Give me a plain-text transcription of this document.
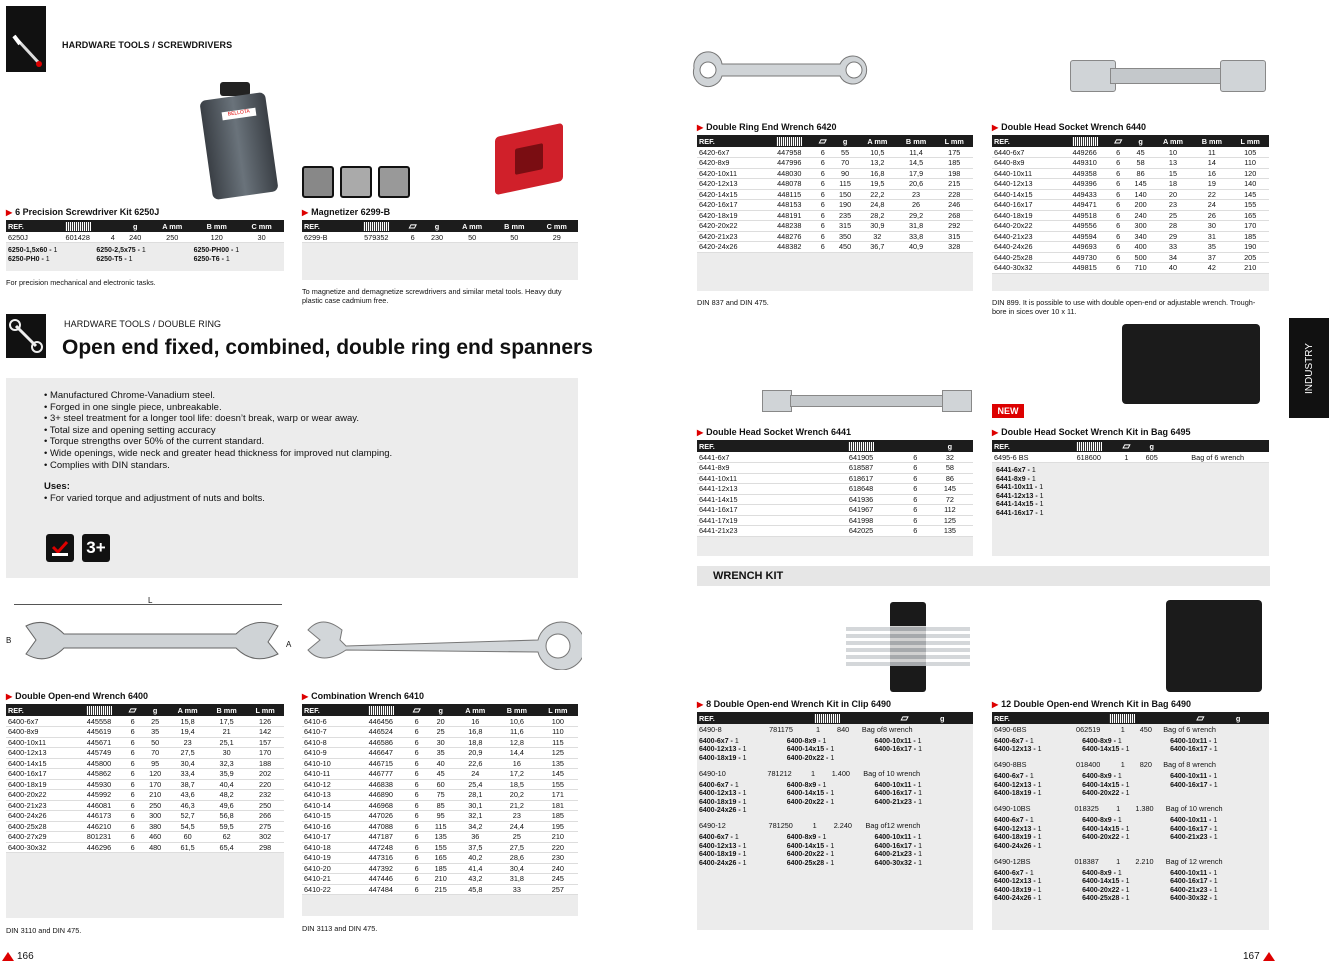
HARDWARE TOOLS / SCREWDRIVERS
BELLOTA
▶ 6 Precision Screwdriver Kit 6250J
REF.			g	A mm	B mm	C mm
6250J	601428	4	240	250	120	30
6250-1,5x60 - 1	6250-2,5x75 - 1	6250-PH00 - 1
6250-PH0 - 1	6250-T5 - 1	6250-T6 - 1
For precision mechanical and electronic tasks.
▶ Magnetizer 6299-B
REF.		▱	g	A mm	B mm	C mm
6299-B	579352	6	230	50	50	29
To magnetize and demagnetize screwdrivers and similar metal tools. Heavy duty plastic case cadmium free.
HARDWARE TOOLS / DOUBLE RING
Open end fixed, combined, double ring end spanners
• Manufactured Chrome-Vanadium steel.
• Forged in one single piece, unbreakable.
• 3+ steel treatment for a longer tool life: doesn’t break, warp or wear away.
• Total size and opening setting accuracy
• Torque strengths over 50% of the current standard.
• Wide openings, wide neck and greater head thickness for improved nut clamping.
• Complies with DIN standars.
Uses:
• For varied torque and adjustment of nuts and bolts.
3+
L
B	A
▶ Double Open-end Wrench 6400
REF.		▱	g	A mm	B mm	L mm
6400-6x7	445558	6	25	15,8	17,5	126
6400-8x9	445619	6	35	19,4	21	142
6400-10x11	445671	6	50	23	25,1	157
6400-12x13	445749	6	70	27,5	30	170
6400-14x15	445800	6	95	30,4	32,3	188
6400-16x17	445862	6	120	33,4	35,9	202
6400-18x19	445930	6	170	38,7	40,4	220
6400-20x22	445992	6	210	43,6	48,2	232
6400-21x23	446081	6	250	46,3	49,6	250
6400-24x26	446173	6	300	52,7	56,8	266
6400-25x28	446210	6	380	54,5	59,5	275
6400-27x29	801231	6	460	60	62	302
6400-30x32	446296	6	480	61,5	65,4	298
DIN 3110 and DIN 475.
▶ Combination Wrench 6410
REF.		▱	g	A mm	B mm	L mm
6410-6	446456	6	20	16	10,6	100
6410-7	446524	6	25	16,8	11,6	110
6410-8	446586	6	30	18,8	12,8	115
6410-9	446647	6	35	20,9	14,4	125
6410-10	446715	6	40	22,6	16	135
6410-11	446777	6	45	24	17,2	145
6410-12	446838	6	60	25,4	18,5	155
6410-13	446890	6	75	28,1	20,2	171
6410-14	446968	6	85	30,1	21,2	181
6410-15	447026	6	95	32,1	23	185
6410-16	447088	6	115	34,2	24,4	195
6410-17	447187	6	135	36	25	210
6410-18	447248	6	155	37,5	27,5	220
6410-19	447316	6	165	40,2	28,6	230
6410-20	447392	6	185	41,4	30,4	240
6410-21	447446	6	210	43,2	31,8	245
6410-22	447484	6	215	45,8	33	257
DIN 3113 and DIN 475.
166
▶ Double Ring End Wrench 6420
REF.		▱	g	A mm	B mm	L mm
6420-6x7	447958	6	55	10,5	11,4	175
6420-8x9	447996	6	70	13,2	14,5	185
6420-10x11	448030	6	90	16,8	17,9	198
6420-12x13	448078	6	115	19,5	20,6	215
6420-14x15	448115	6	150	22,2	23	228
6420-16x17	448153	6	190	24,8	26	246
6420-18x19	448191	6	235	28,2	29,2	268
6420-20x22	448238	6	315	30,9	31,8	292
6420-21x23	448276	6	350	32	33,8	315
6420-24x26	448382	6	450	36,7	40,9	328
DIN 837 and DIN 475.
▶ Double Head Socket Wrench 6440
REF.		▱	g	A mm	B mm	L mm
6440-6x7	449266	6	45	10	11	105
6440-8x9	449310	6	58	13	14	110
6440-10x11	449358	6	86	15	16	120
6440-12x13	449396	6	145	18	19	140
6440-14x15	449433	6	140	20	22	145
6440-16x17	449471	6	200	23	24	155
6440-18x19	449518	6	240	25	26	165
6440-20x22	449556	6	300	28	30	170
6440-21x23	449594	6	340	29	31	185
6440-24x26	449693	6	400	33	35	190
6440-25x28	449730	6	500	34	37	205
6440-30x32	449815	6	710	40	42	210
DIN 899. It is possible to use with double open-end or adjustable wrench. Trough-bore in sices over 10 x 11.
INDUSTRY
NEW
▶ Double Head Socket Wrench 6441
REF.			g
6441-6x7	641905	6	32
6441-8x9	618587	6	58
6441-10x11	618617	6	86
6441-12x13	618648	6	145
6441-14x15	641936	6	72
6441-16x17	641967	6	112
6441-17x19	641998	6	125
6441-21x23	642025	6	135
▶ Double Head Socket Wrench Kit in Bag 6495
REF.		▱	g	
6495-6 BS	618600	1	605	Bag of 6 wrench
6441-6x7 - 1
6441-8x9 - 1
6441-10x11 - 1
6441-12x13 - 1
6441-14x15 - 1
6441-16x17 - 1
WRENCH KIT
▶ 8 Double Open-end Wrench Kit in Clip 6490
REF.		▱	g	
6490-8	781175	1	840	Bag of8 wrench
6400-6x7 - 1	6400-8x9 - 1	6400-10x11 - 1
6400-12x13 - 1	6400-14x15 - 1	6400-16x17 - 1
6400-18x19 - 1	6400-20x22 - 1
6490-10	781212	1	1.400	Bag of 10 wrench
6400-6x7 - 1	6400-8x9 - 1	6400-10x11 - 1
6400-12x13 - 1	6400-14x15 - 1	6400-16x17 - 1
6400-18x19 - 1	6400-20x22 - 1	6400-21x23 - 1
6400-24x26 - 1
6490-12	781250	1	2.240	Bag of12 wrench
6400-6x7 - 1	6400-8x9 - 1	6400-10x11 - 1
6400-12x13 - 1	6400-14x15 - 1	6400-16x17 - 1
6400-18x19 - 1	6400-20x22 - 1	6400-21x23 - 1
6400-24x26 - 1	6400-25x28 - 1	6400-30x32 - 1
▶ 12 Double Open-end Wrench Kit in Bag 6490
REF.		▱	g	
6490-6BS	062519	1	450	Bag of 6 wrench
6400-6x7 - 1	6400-8x9 - 1	6400-10x11 - 1
6400-12x13 - 1	6400-14x15 - 1	6400-16x17 - 1
6490-8BS	018400	1	820	Bag of 8 wrench
6400-6x7 - 1	6400-8x9 - 1	6400-10x11 - 1
6400-12x13 - 1	6400-14x15 - 1	6400-16x17 - 1
6400-18x19 - 1	6400-20x22 - 1
6490-10BS	018325	1	1.380	Bag of 10 wrench
6400-6x7 - 1	6400-8x9 - 1	6400-10x11 - 1
6400-12x13 - 1	6400-14x15 - 1	6400-16x17 - 1
6400-18x19 - 1	6400-20x22 - 1	6400-21x23 - 1
6400-24x26 - 1
6490-12BS	018387	1	2.210	Bag of 12 wrench
6400-6x7 - 1	6400-8x9 - 1	6400-10x11 - 1
6400-12x13 - 1	6400-14x15 - 1	6400-16x17 - 1
6400-18x19 - 1	6400-20x22 - 1	6400-21x23 - 1
6400-24x26 - 1	6400-25x28 - 1	6400-30x32 - 1
167
